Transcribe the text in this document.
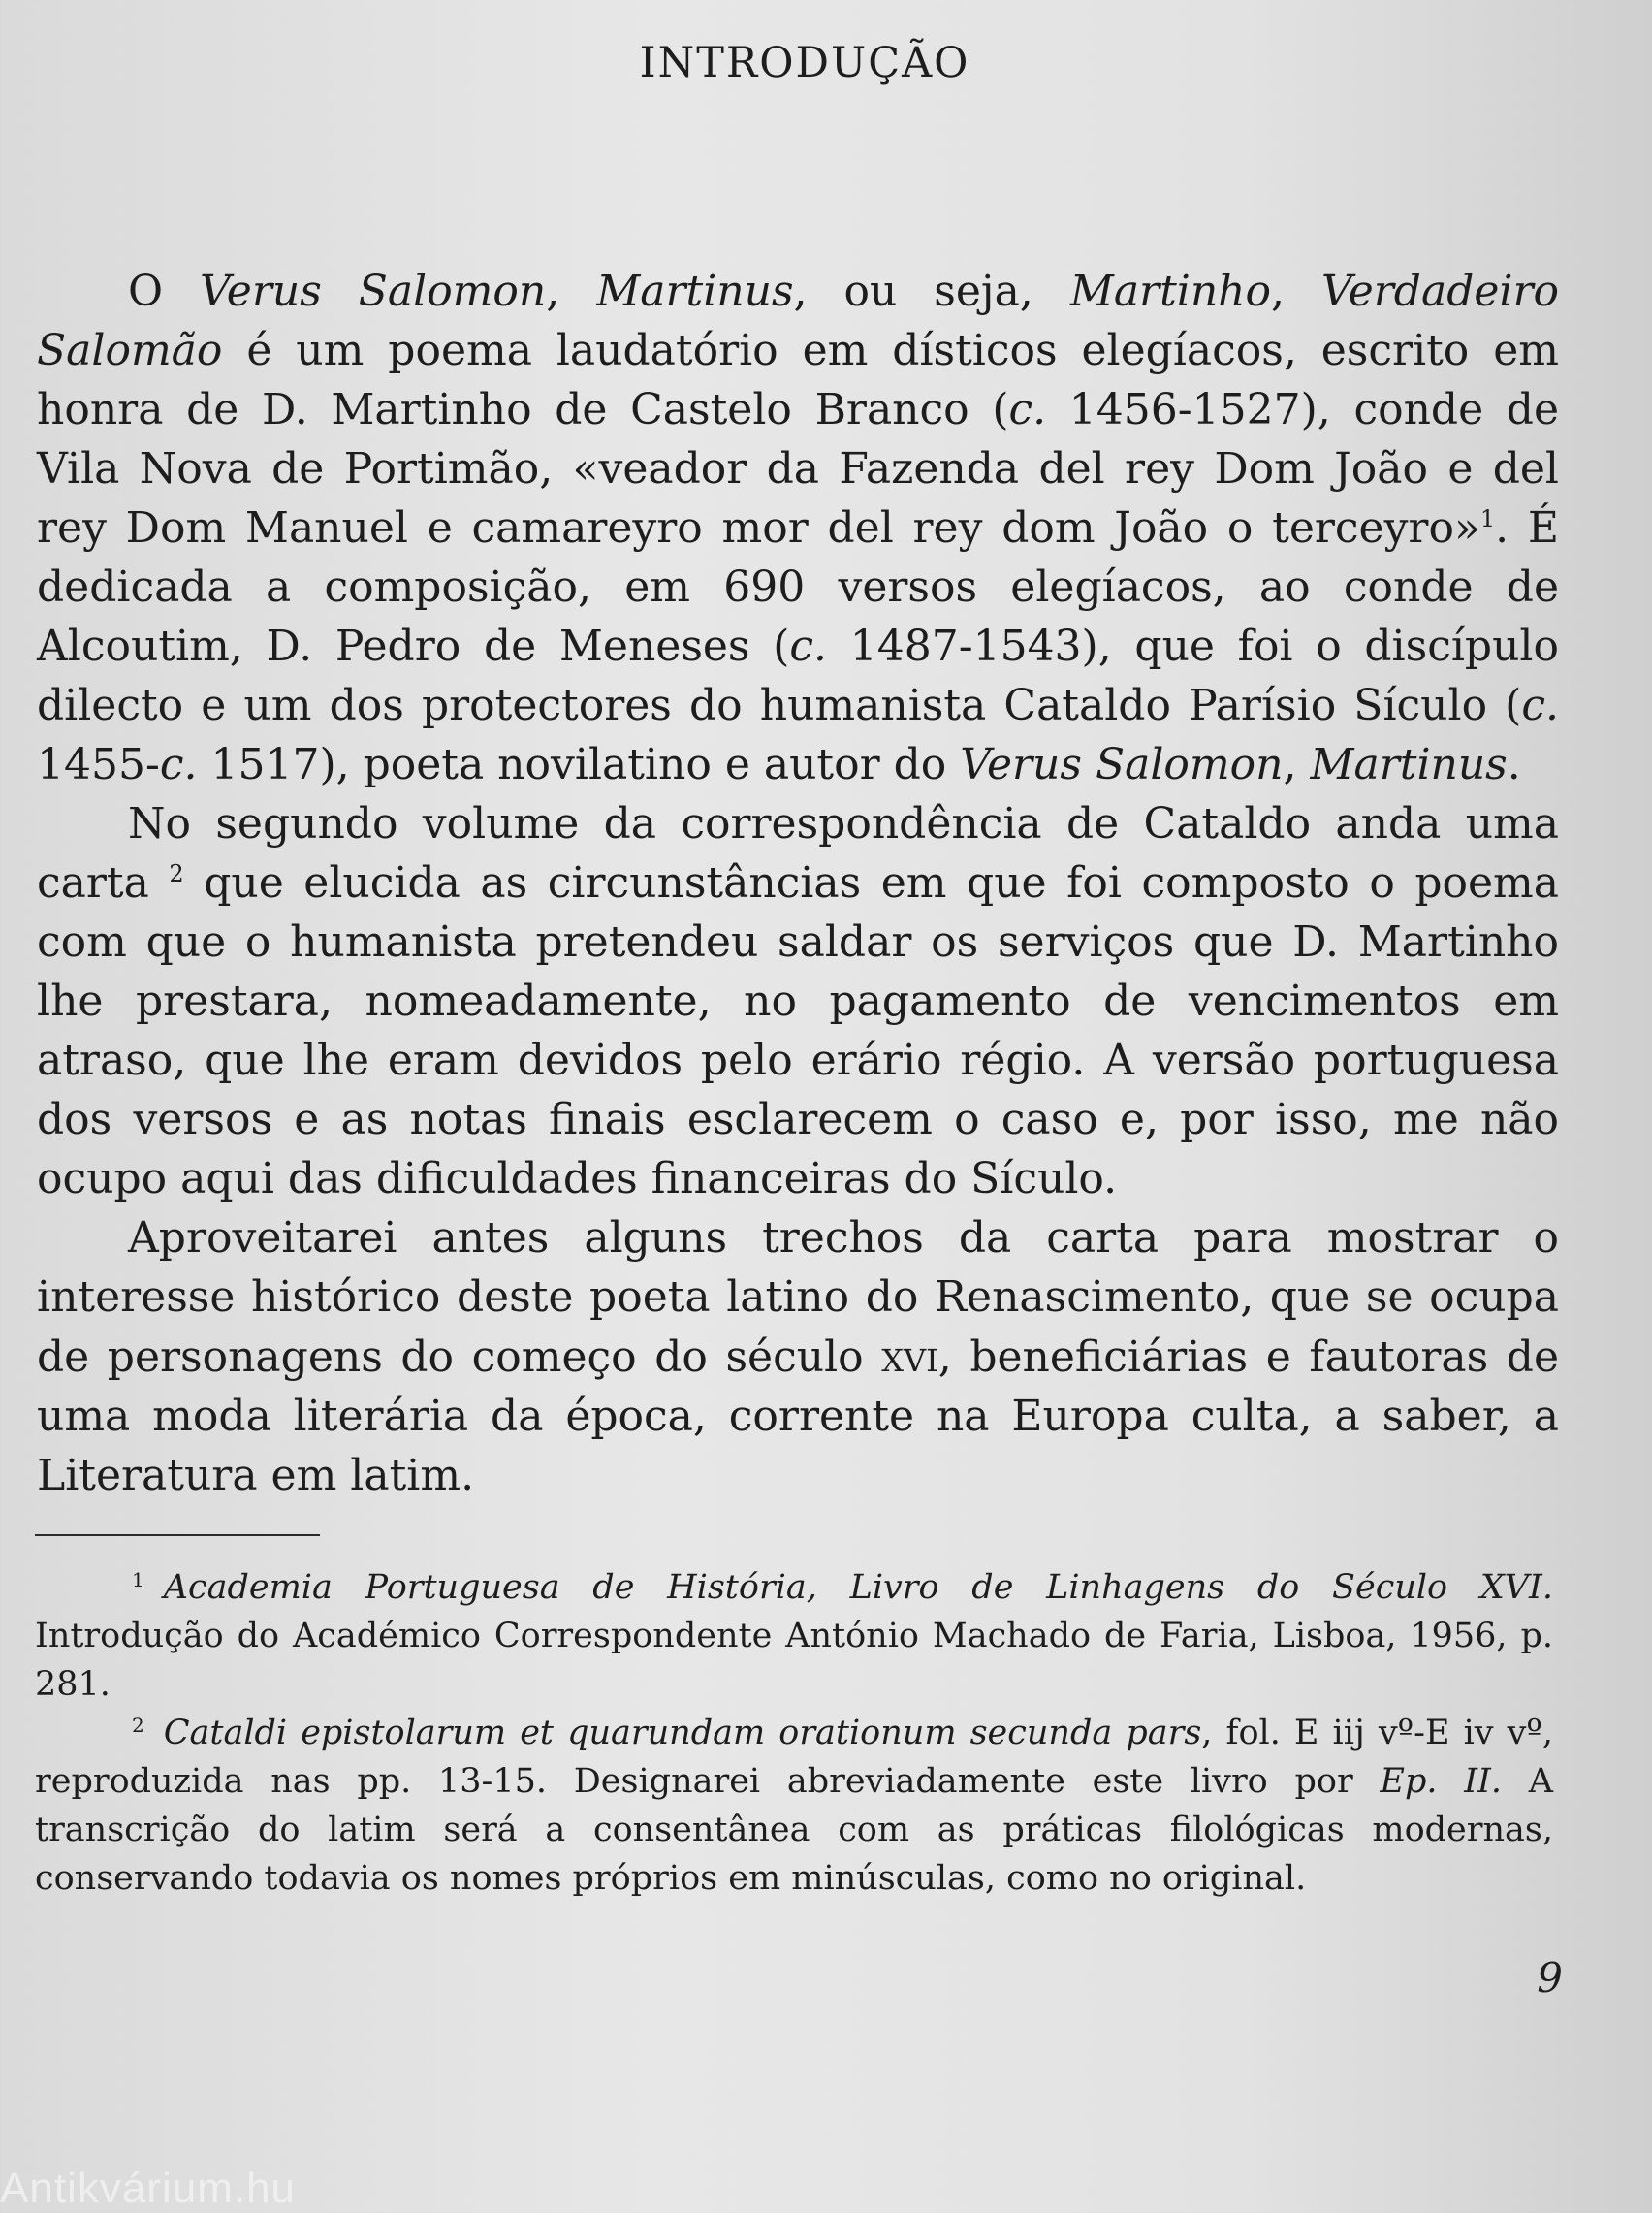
INTRODUÇÃO

O Verus Salomon, Martinus, ou seja, Martinho, Verdadeiro Salomão é um poema laudatório em dísticos elegíacos, escrito em honra de D. Martinho de Castelo Branco (c. 1456-1527), conde de Vila Nova de Portimão, «veador da Fazenda del rey Dom João e del rey Dom Manuel e camareyro mor del rey dom João o terceyro»$^1$. É dedicada a composição, em 690 versos elegíacos, ao conde de Alcoutim, D. Pedro de Meneses (c. 1487-1543), que foi o discípulo dilecto e um dos protectores do humanista Cataldo Parísio Sículo (c. 1455-c. 1517), poeta novilatino e autor do Verus Salomon, Martinus.

No segundo volume da correspondência de Cataldo anda uma carta $^2$ que elucida as circunstâncias em que foi composto o poema com que o humanista pretendeu saldar os serviços que D. Martinho lhe prestara, nomeadamente, no pagamento de vencimentos em atraso, que lhe eram devidos pelo erário régio. A versão portuguesa dos versos e as notas finais esclarecem o caso e, por isso, me não ocupo aqui das dificuldades financeiras do Sículo.

Aproveitarei antes alguns trechos da carta para mostrar o interesse histórico deste poeta latino do Renascimento, que se ocupa de personagens do começo do século xvi, beneficiárias e fautoras de uma moda literária da época, corrente na Europa culta, a saber, a Literatura em latim.

$^1$ Academia Portuguesa de História, Livro de Linhagens do Século XVI. Introdução do Académico Correspondente António Machado de Faria, Lisboa, 1956, p. 281.

$^2$ Cataldi epistolarum et quarundam orationum secunda pars, fol. E iij vº-E iv vº, reproduzida nas pp. 13-15. Designarei abreviadamente este livro por Ep. II. A transcrição do latim será a consentânea com as práticas filológicas modernas, conservando todavia os nomes próprios em minúsculas, como no original.

9
Antikvárium.hu
